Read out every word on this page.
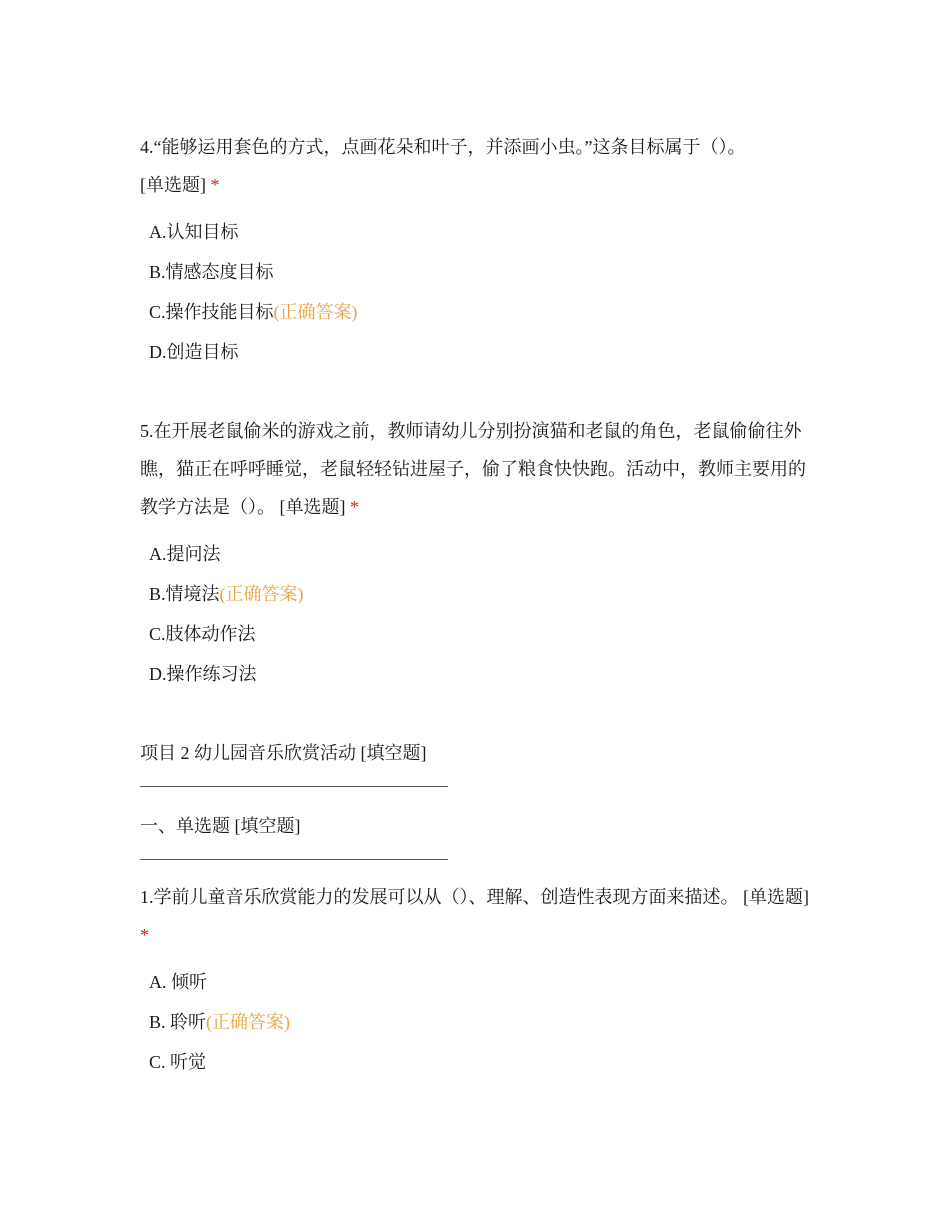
4.“能够运用套色的方式，点画花朵和叶子，并添画小虫。”这条目标属于（）。
[单选题] *
A.认知目标
B.情感态度目标
C.操作技能目标(正确答案)
D.创造目标
5.在开展老鼠偷米的游戏之前，教师请幼儿分别扮演猫和老鼠的角色，老鼠偷偷往外瞧，猫正在呼呼睡觉，老鼠轻轻钻进屋子，偷了粮食快快跑。活动中，教师主要用的教学方法是（）。 [单选题] *
A.提问法
B.情境法(正确答案)
C.肢体动作法
D.操作练习法
项目 2 幼儿园音乐欣赏活动 [填空题]
一、单选题 [填空题]
1.学前儿童音乐欣赏能力的发展可以从（）、理解、创造性表现方面来描述。 [单选题] *
A. 倾听
B. 聆听(正确答案)
C. 听觉
